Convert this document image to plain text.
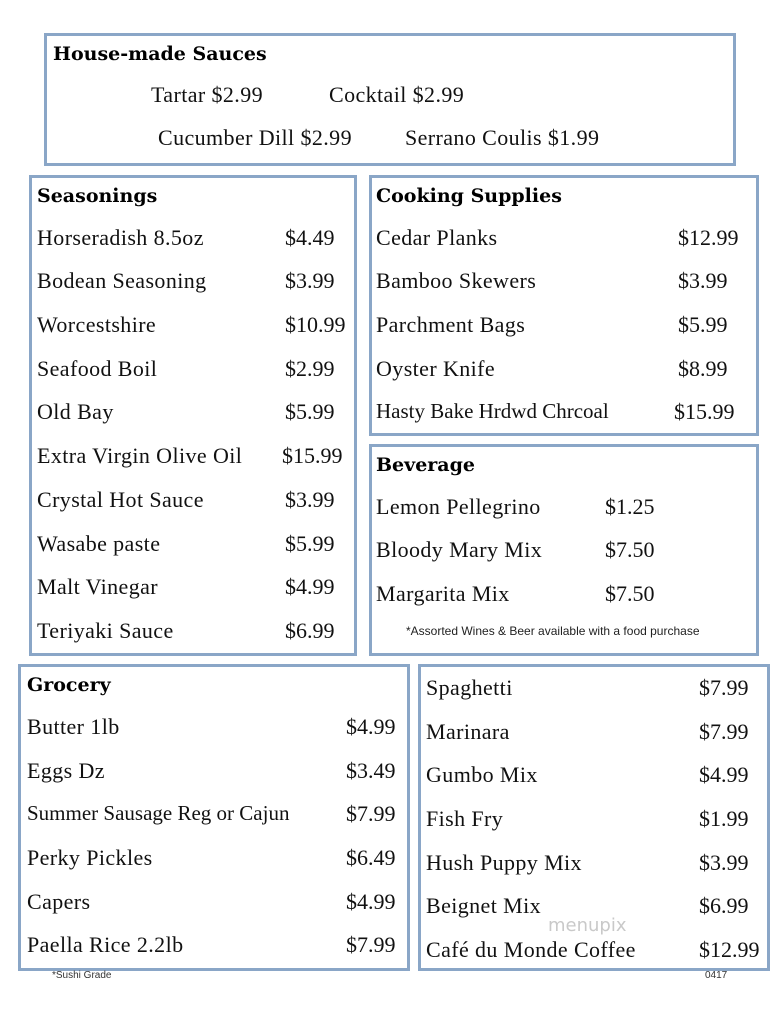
House-made Sauces
Tartar $2.99	Cocktail $2.99
Cucumber Dill $2.99 Serrano Coulis $1.99
Seasonings
Horseradish 8.5oz	$4.49
Bodean Seasoning	$3.99
Worcestshire	$10.99
Seafood Boil	$2.99
Old Bay	$5.99
Extra Virgin Olive Oil $15.99
Crystal Hot Sauce	$3.99
Wasabe paste	$5.99
Malt Vinegar	$4.99
Teriyaki Sauce	$6.99
Cooking Supplies
Cedar Planks	$12.99
Bamboo Skewers	$3.99
Parchment Bags	$5.99
Oyster Knife	$8.99
Hasty Bake Hrdwd Chrcoal	$15.99
Beverage
Lemon Pellegrino	$1.25
Bloody Mary Mix	$7.50
Margarita Mix	$7.50
*Assorted Wines & Beer available with a food purchase
Grocery
Butter 1lb	$4.99
Eggs Dz	$3.49
Summer Sausage Reg or Cajun	$7.99
Perky Pickles	$6.49
Capers	$4.99
Paella Rice 2.2lb	$7.99
Spaghetti	$7.99
Marinara	$7.99
Gumbo Mix	$4.99
Fish Fry	$1.99
Hush Puppy Mix	$3.99
Beignet Mix	$6.99
Café du Monde Coffee	$12.99
menupix
*Sushi Grade	0417
